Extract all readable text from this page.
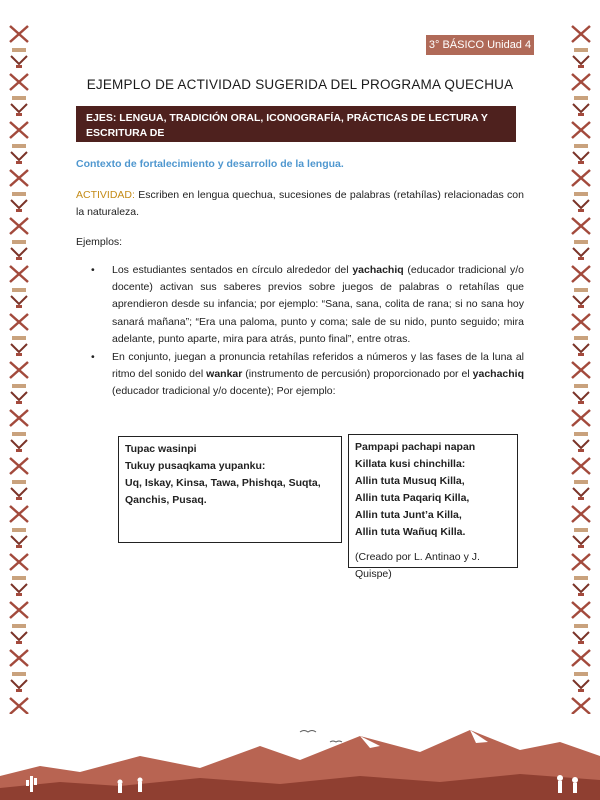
3° BÁSICO Unidad 4
EJEMPLO DE ACTIVIDAD SUGERIDA DEL PROGRAMA QUECHUA
EJES: LENGUA, TRADICIÓN ORAL, ICONOGRAFÍA, PRÁCTICAS DE LECTURA Y ESCRITURA DE
LOS PUEBLOS ORIGINARIOS.
Contexto de fortalecimiento y desarrollo de la lengua.
ACTIVIDAD: Escriben en lengua quechua, sucesiones de palabras (retahílas) relacionadas con la naturaleza.
Ejemplos:
• Los estudiantes sentados en círculo alrededor del yachachiq (educador tradicional y/o docente) activan sus saberes previos sobre juegos de palabras o retahílas que aprendieron desde su infancia; por ejemplo: “Sana, sana, colita de rana; si no sana hoy sanará mañana”; “Era una paloma, punto y coma; sale de su nido, punto seguido; mira adelante, punto aparte, mira para atrás, punto final”, entre otras.
• En conjunto, juegan a pronuncia retahílas referidos a números y las fases de la luna al ritmo del sonido del wankar (instrumento de percusión) proporcionado por el yachachiq (educador tradicional y/o docente); Por ejemplo:
Tupac wasinpi
Tukuy pusaqkama yupanku:
Uq, Iskay, Kinsa, Tawa, Phishqa, Suqta,
Qanchis, Pusaq.
Pampapi pachapi napan
Killata kusi chinchilla:
Allin tuta Musuq Killa,
Allin tuta Paqariq Killa,
Allin tuta Junt’a Killa,
Allin tuta Wañuq Killa.
(Creado por L. Antinao y J. Quispe)
